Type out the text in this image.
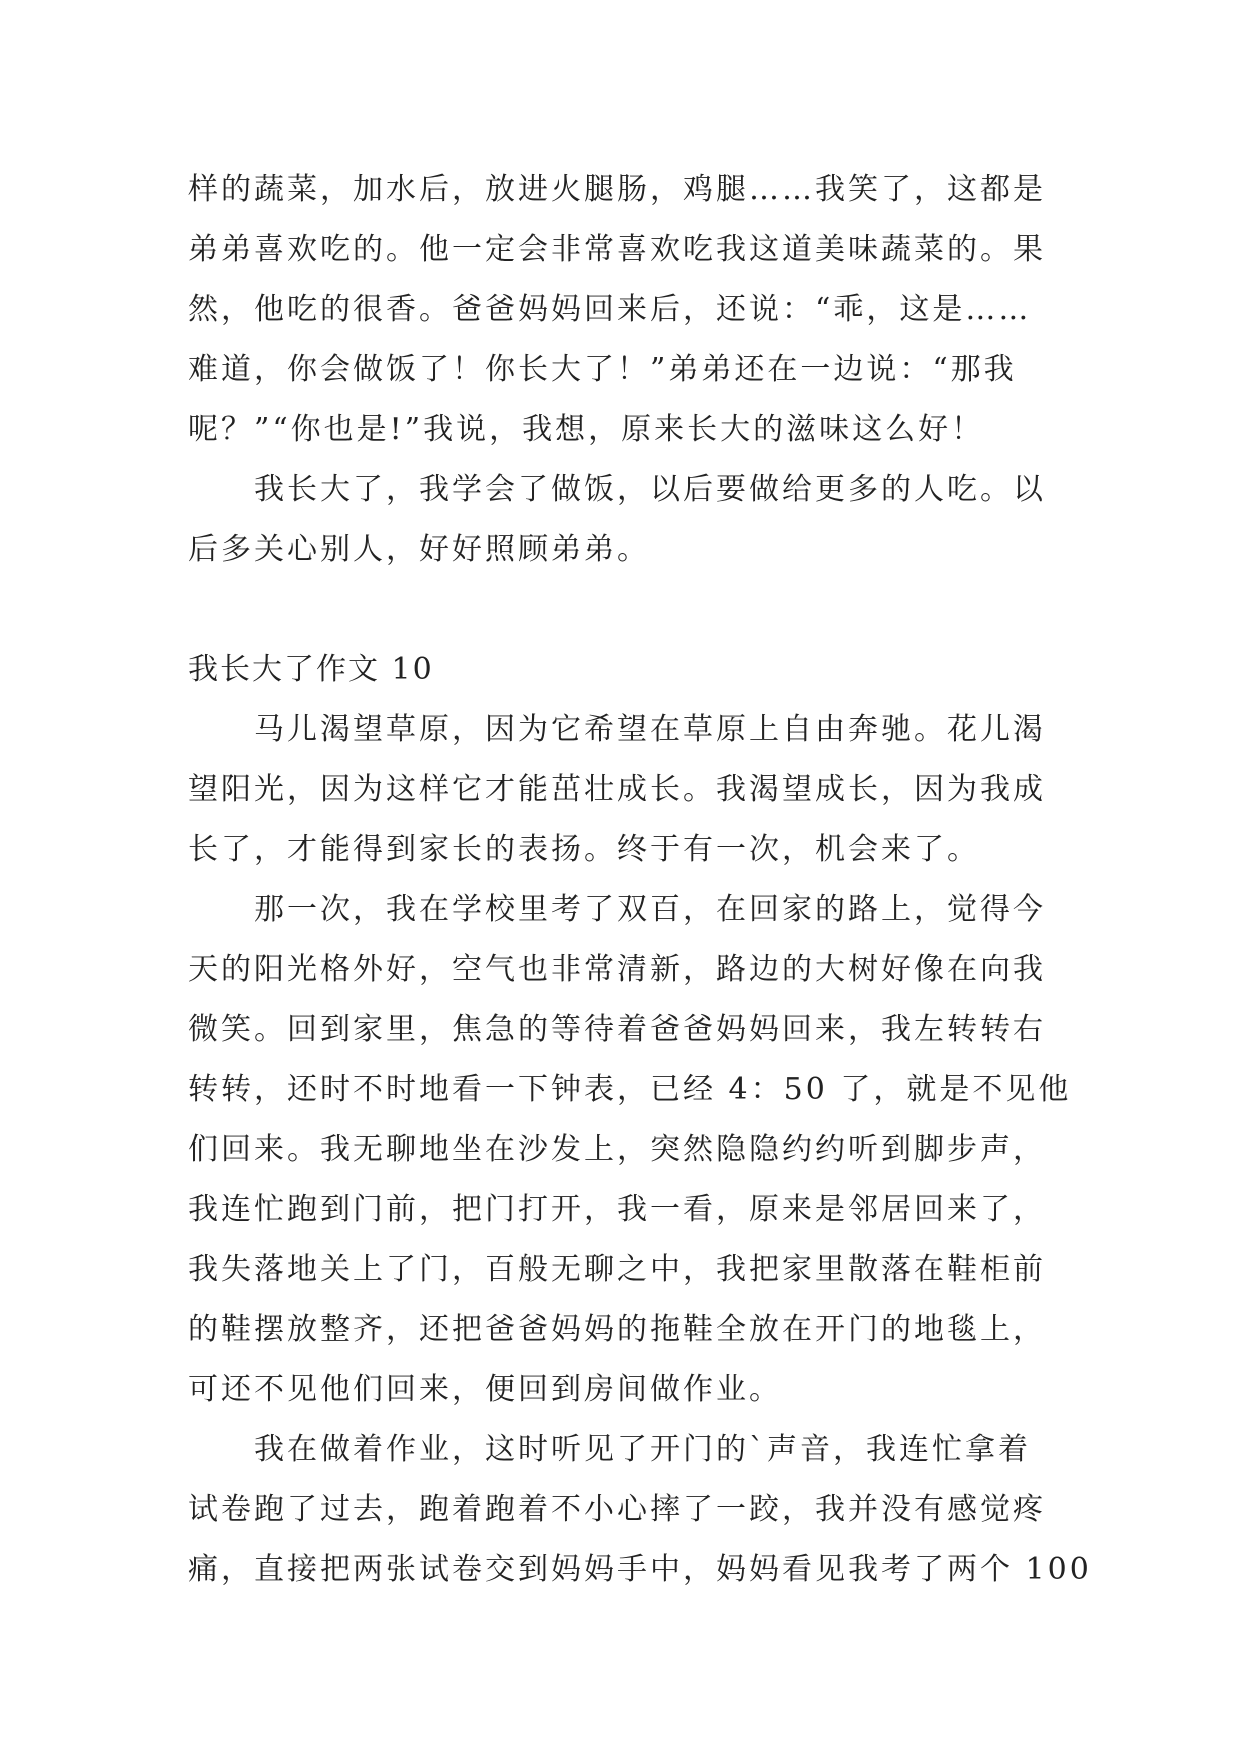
样的蔬菜，加水后，放进火腿肠，鸡腿……我笑了，这都是
弟弟喜欢吃的。他一定会非常喜欢吃我这道美味蔬菜的。果
然，他吃的很香。爸爸妈妈回来后，还说：“乖，这是……
难道，你会做饭了！你长大了！”弟弟还在一边说：“那我
呢？”“你也是!”我说，我想，原来长大的滋味这么好！
我长大了，我学会了做饭，以后要做给更多的人吃。以
后多关心别人，好好照顾弟弟。
我长大了作文 10
马儿渴望草原，因为它希望在草原上自由奔驰。花儿渴
望阳光，因为这样它才能茁壮成长。我渴望成长，因为我成
长了，才能得到家长的表扬。终于有一次，机会来了。
那一次，我在学校里考了双百，在回家的路上，觉得今
天的阳光格外好，空气也非常清新，路边的大树好像在向我
微笑。回到家里，焦急的等待着爸爸妈妈回来，我左转转右
转转，还时不时地看一下钟表，已经 4：50 了，就是不见他
们回来。我无聊地坐在沙发上，突然隐隐约约听到脚步声，
我连忙跑到门前，把门打开，我一看，原来是邻居回来了，
我失落地关上了门，百般无聊之中，我把家里散落在鞋柜前
的鞋摆放整齐，还把爸爸妈妈的拖鞋全放在开门的地毯上，
可还不见他们回来，便回到房间做作业。
我在做着作业，这时听见了开门的`声音，我连忙拿着
试卷跑了过去，跑着跑着不小心摔了一跤，我并没有感觉疼
痛，直接把两张试卷交到妈妈手中，妈妈看见我考了两个 100
